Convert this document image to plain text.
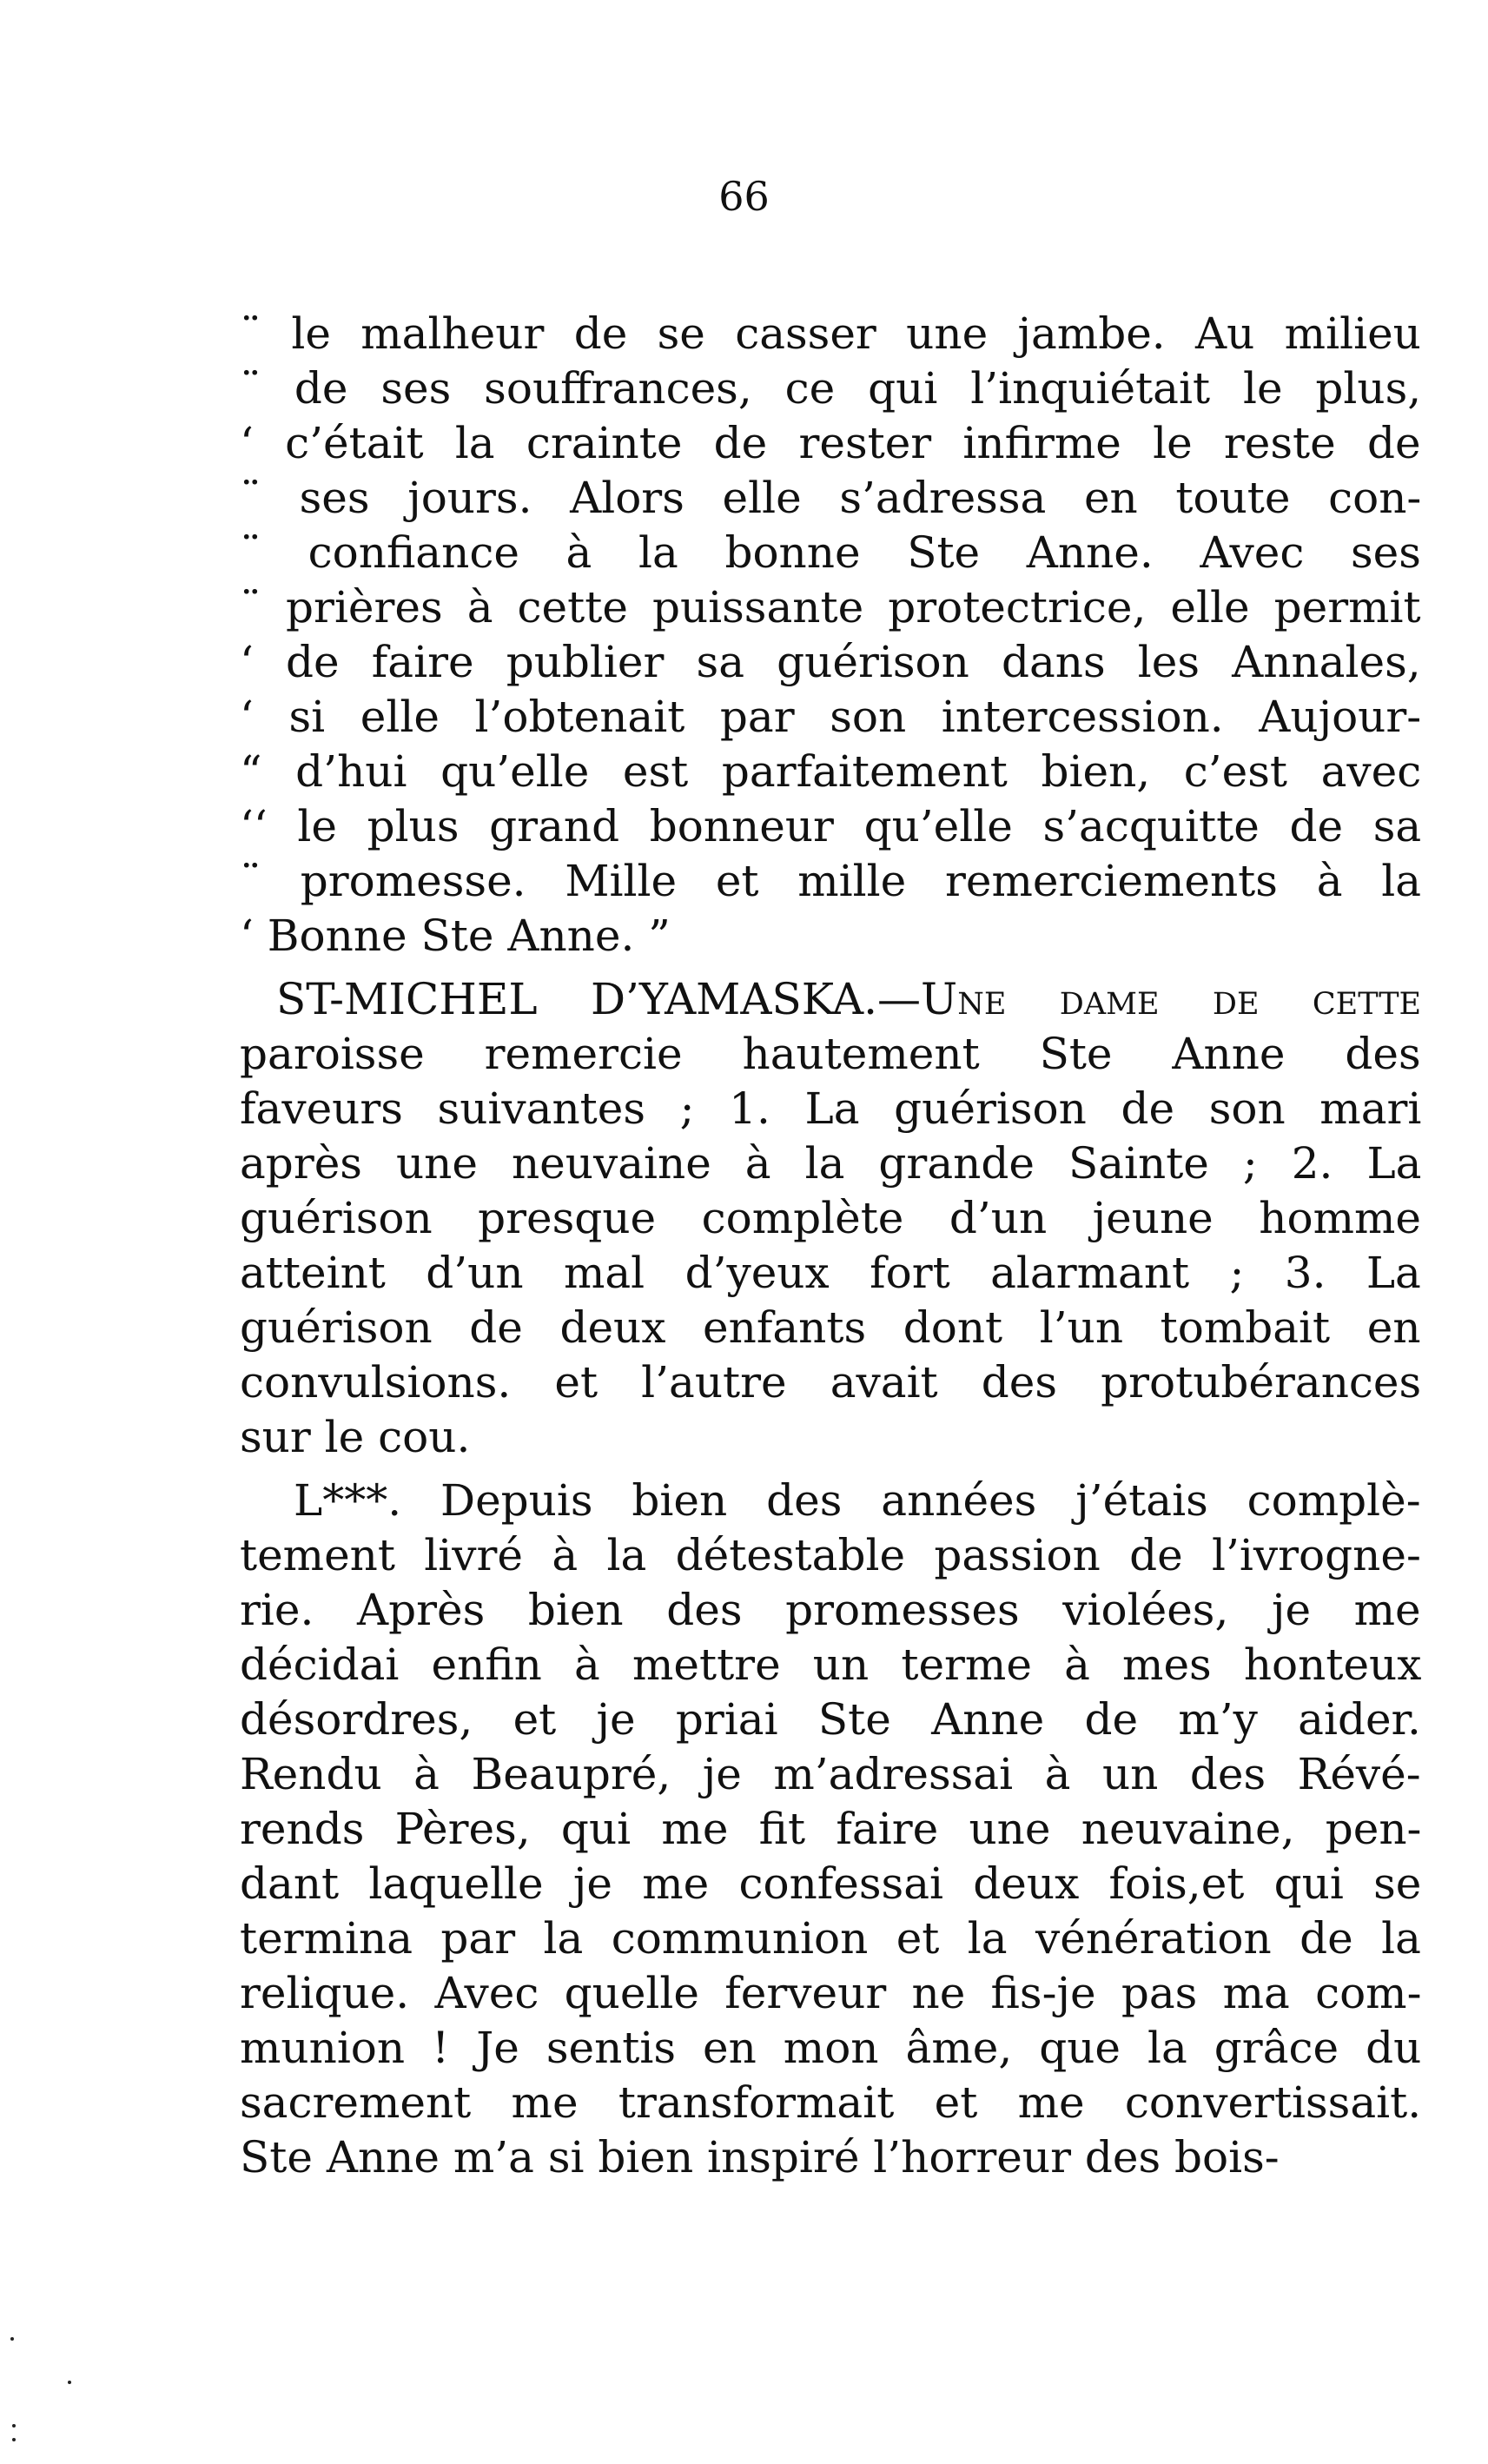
66
¨ le malheur de se casser une jambe. Au milieu
¨ de ses souffrances, ce qui l’inquiétait le plus,
‘ c’était la crainte de rester infirme le reste de
¨ ses jours. Alors elle s’adressa en toute con-
¨ confiance à la bonne Ste Anne. Avec ses
¨ prières à cette puissante protectrice, elle permit
‘ de faire publier sa guérison dans les Annales,
‘ si elle l’obtenait par son intercession. Aujour-
“ d’hui qu’elle est parfaitement bien, c’est avec
‘‘ le plus grand bonneur qu’elle s’acquitte de sa
¨ promesse. Mille et mille remerciements à la
‘ Bonne Ste Anne. ”
ST-MICHEL D’YAMASKA.—Une dame de cette
paroisse remercie hautement Ste Anne des
faveurs suivantes ; 1. La guérison de son mari
après une neuvaine à la grande Sainte ; 2. La
guérison presque complète d’un jeune homme
atteint d’un mal d’yeux fort alarmant ; 3. La
guérison de deux enfants dont l’un tombait en
convulsions. et l’autre avait des protubérances
sur le cou.
L***. Depuis bien des années j’étais complè-
tement livré à la détestable passion de l’ivrogne-
rie. Après bien des promesses violées, je me
décidai enfin à mettre un terme à mes honteux
désordres, et je priai Ste Anne de m’y aider.
Rendu à Beaupré, je m’adressai à un des Révé-
rends Pères, qui me fit faire une neuvaine, pen-
dant laquelle je me confessai deux fois,et qui se
termina par la communion et la vénération de la
relique. Avec quelle ferveur ne fis-je pas ma com-
munion ! Je sentis en mon âme, que la grâce du
sacrement me transformait et me convertissait.
Ste Anne m’a si bien inspiré l’horreur des bois-
